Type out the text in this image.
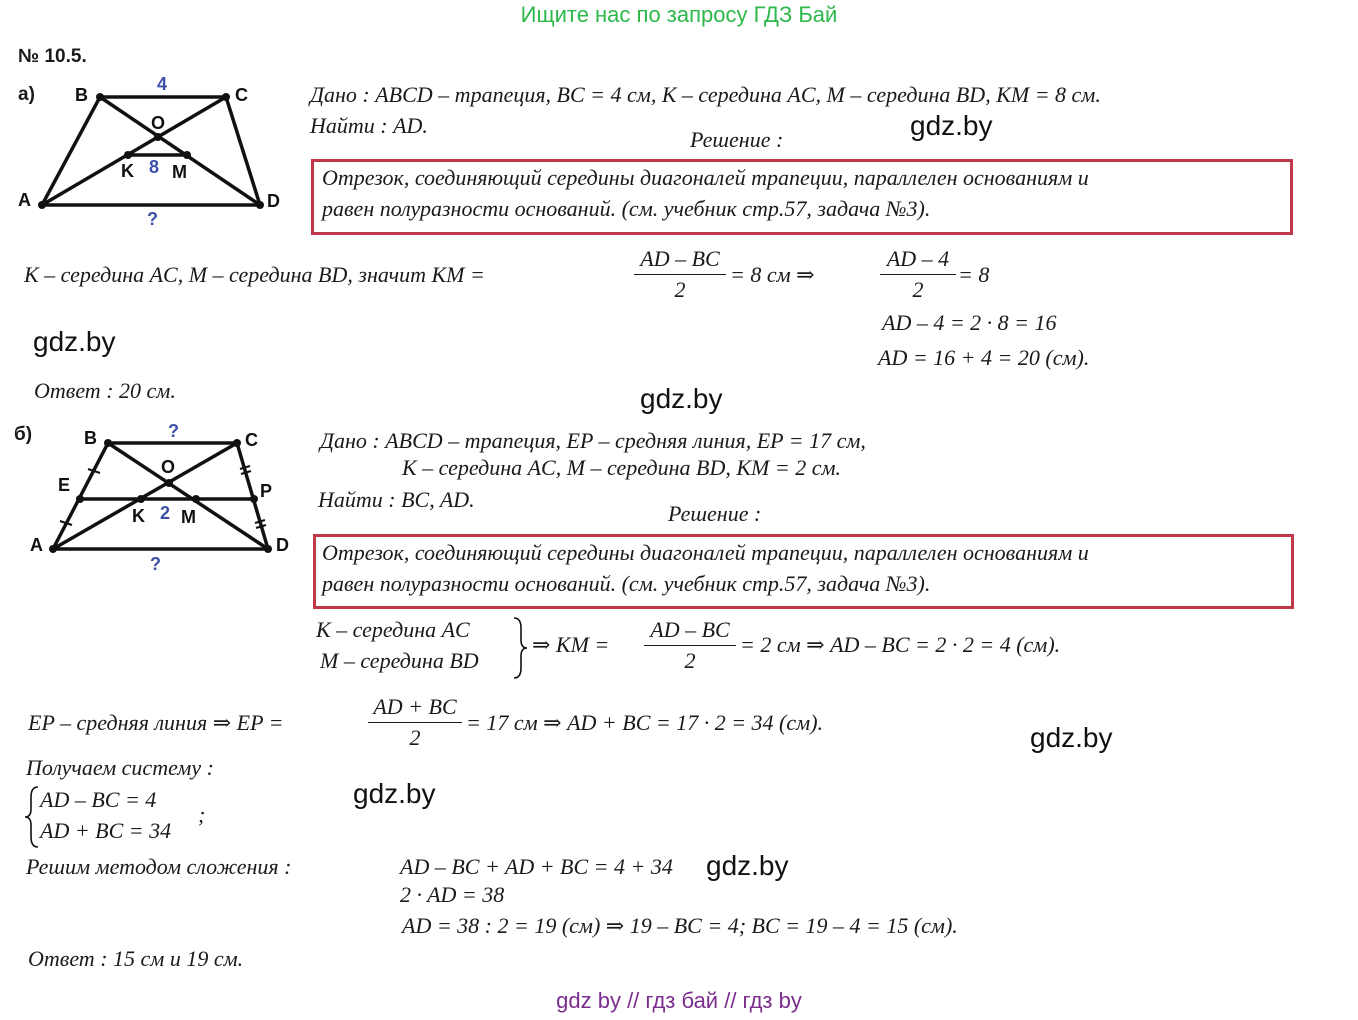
Ищите нас по запросу ГДЗ Бай
№ 10.5.
а) B	C
A	D
O
K M
4
8
?
Дано : ABCD – трапеция, BC = 4 см, К – середина AC, M – середина BD, KM = 8 см.
Найти : AD.
Решение :	gdz.by
Отрезок, соединяющий середины диагоналей трапеции, параллелен основаниям и
равен полуразности оснований. (см. учебник стр.57, задача №3).
К – середина AC, M – середина BD, значит KM =
AD – BC
2
= 8 см ⇒
AD – 4
2
= 8
AD – 4 = 2 · 8 = 16
AD = 16 + 4 = 20 (см).
gdz.by
Ответ : 20 см.	gdz.by
б)	B	C
A	D
O
E	P
K M
?
2
?
Дано : ABCD – трапеция, EP – средняя линия, EP = 17 см,
К – середина AC, M – середина BD, KM = 2 см.
Найти : BC, AD.
Решение :
Отрезок, соединяющий середины диагоналей трапеции, параллелен основаниям и
равен полуразности оснований. (см. учебник стр.57, задача №3).
К – середина AC
M – середина BD
⇒ KM =
AD – BC
2
= 2 см ⇒ AD – BC = 2 · 2 = 4 (см).
EP – средняя линия ⇒ EP =
AD + BC
2
= 17 см ⇒ AD + BC = 17 · 2 = 34 (см).	gdz.by
Получаем систему :
AD – BC = 4
AD + BC = 34
;
gdz.by
Решим методом сложения :	AD – BC + AD + BC = 4 + 34 gdz.by
2 · AD = 38
AD = 38 : 2 = 19 (см) ⇒ 19 – BC = 4; BC = 19 – 4 = 15 (см).
Ответ : 15 см и 19 см.
gdz by // гдз бай // гдз by
